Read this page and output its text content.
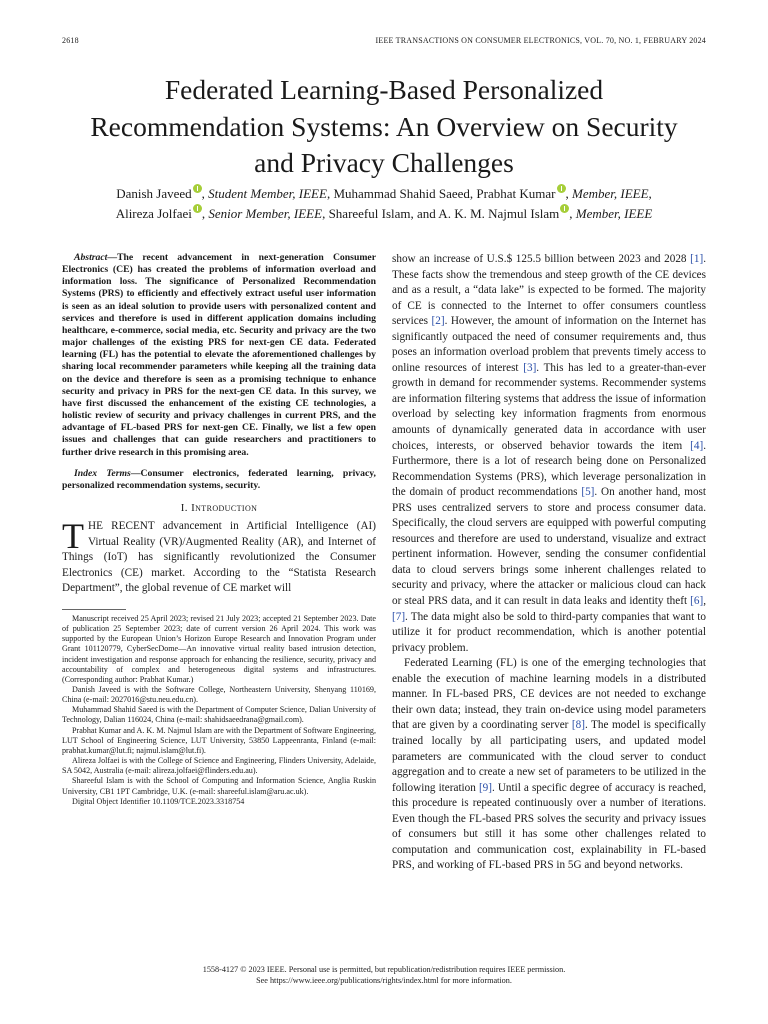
2618	IEEE TRANSACTIONS ON CONSUMER ELECTRONICS, VOL. 70, NO. 1, FEBRUARY 2024
Federated Learning-Based Personalized Recommendation Systems: An Overview on Security and Privacy Challenges
Danish Javeed , Student Member, IEEE, Muhammad Shahid Saeed, Prabhat Kumar , Member, IEEE,
Alireza Jolfaei , Senior Member, IEEE, Shareeful Islam, and A. K. M. Najmul Islam , Member, IEEE

Abstract—The recent advancement in next-generation Consumer Electronics (CE) has created the problems of information overload and information loss. The significance of Personalized Recommendation Systems (PRS) to efficiently and effectively extract useful user information is seen as an ideal solution to provide users with personalized content and services and therefore is used in different application domains including healthcare, e-commerce, social media, etc. Security and privacy are the two major challenges of the existing PRS for next-gen CE data. Federated learning (FL) has the potential to elevate the aforementioned challenges by sharing local recommender parameters while keeping all the training data on the device and therefore is seen as a promising technique to enhance security and privacy in PRS for the next-gen CE data. In this survey, we have first discussed the enhancement of the existing CE technologies, a holistic review of security and privacy challenges in current PRS, and the advantage of FL-based PRS for next-gen CE. Finally, we list a few open issues and challenges that can guide researchers and practitioners to further drive research in this promising area.

Index Terms—Consumer electronics, federated learning, privacy, personalized recommendation systems, security.

I. Introduction

THE RECENT advancement in Artificial Intelligence (AI) Virtual Reality (VR)/Augmented Reality (AR), and Internet of Things (IoT) has significantly revolutionized the Consumer Electronics (CE) market. According to the “Statista Research Department”, the global revenue of CE market will

Manuscript received 25 April 2023; revised 21 July 2023; accepted 21 September 2023. Date of publication 25 September 2023; date of current version 26 April 2024. This work was supported by the European Union’s Horizon Europe Research and Innovation Program under Grant 101120779, CyberSecDome—An innovative virtual reality based intrusion detection, incident investigation and response approach for enhancing the resilience, security, privacy and accountability of complex and heterogeneous digital systems and infrastructures. (Corresponding author: Prabhat Kumar.)

Danish Javeed is with the Software College, Northeastern University, Shenyang 110169, China (e-mail: 2027016@stu.neu.edu.cn).

Muhammad Shahid Saeed is with the Department of Computer Science, Dalian University of Technology, Dalian 116024, China (e-mail: shahidsaeedrana@gmail.com).

Prabhat Kumar and A. K. M. Najmul Islam are with the Department of Software Engineering, LUT School of Engineering Science, LUT University, 53850 Lappeenranta, Finland (e-mail: prabhat.kumar@lut.fi; najmul.islam@lut.fi).

Alireza Jolfaei is with the College of Science and Engineering, Flinders University, Adelaide, SA 5042, Australia (e-mail: alireza.jolfaei@flinders.edu.au).

Shareeful Islam is with the School of Computing and Information Science, Anglia Ruskin University, CB1 1PT Cambridge, U.K. (e-mail: shareeful.islam@aru.ac.uk).

Digital Object Identifier 10.1109/TCE.2023.3318754

show an increase of U.S.$ 125.5 billion between 2023 and 2028 [1]. These facts show the tremendous and steep growth of the CE devices and as a result, a “data lake” is expected to be formed. The majority of CE is connected to the Internet to offer consumers countless services [2]. However, the amount of information on the Internet has significantly outpaced the need of consumer requirements and, thus poses an information overload problem that prevents timely access to online resources of interest [3]. This has led to a greater-than-ever growth in demand for recommender systems. Recommender systems are information filtering systems that address the issue of information overload by selecting key information fragments from enormous amounts of dynamically generated data in accordance with user choices, interests, or observed behavior towards the item [4]. Furthermore, there is a lot of research being done on Personalized Recommendation Systems (PRS), which leverage personalization in the domain of product recommendations [5]. On another hand, most PRS uses centralized servers to store and process consumer data. Specifically, the cloud servers are equipped with powerful computing resources and therefore are used to understand, visualize and extract pertinent information. However, sending the consumer confidential data to cloud servers brings some inherent challenges related to security and privacy, where the attacker or malicious cloud can hack or steal PRS data, and it can result in data leaks and identity theft [6], [7]. The data might also be sold to third-party companies that want to utilize it for product recommendation, which is another potential privacy problem.

Federated Learning (FL) is one of the emerging technologies that enable the execution of machine learning models in a distributed manner. In FL-based PRS, CE devices are not needed to exchange their own data; instead, they train on-device using model parameters that are given by a coordinating server [8]. The model is specifically trained locally by all participating users, and updated model parameters are communicated with the cloud server to conduct aggregation and to create a new set of parameters to be utilized in the following iteration [9]. Until a specific degree of accuracy is reached, this procedure is repeated continuously over a number of iterations. Even though the FL-based PRS solves the security and privacy issues of consumers but still it has some other challenges related to computation and communication cost, explainability in FL-based PRS, and working of FL-based PRS in 5G and beyond networks.

1558-4127 © 2023 IEEE. Personal use is permitted, but republication/redistribution requires IEEE permission.
See https://www.ieee.org/publications/rights/index.html for more information.
